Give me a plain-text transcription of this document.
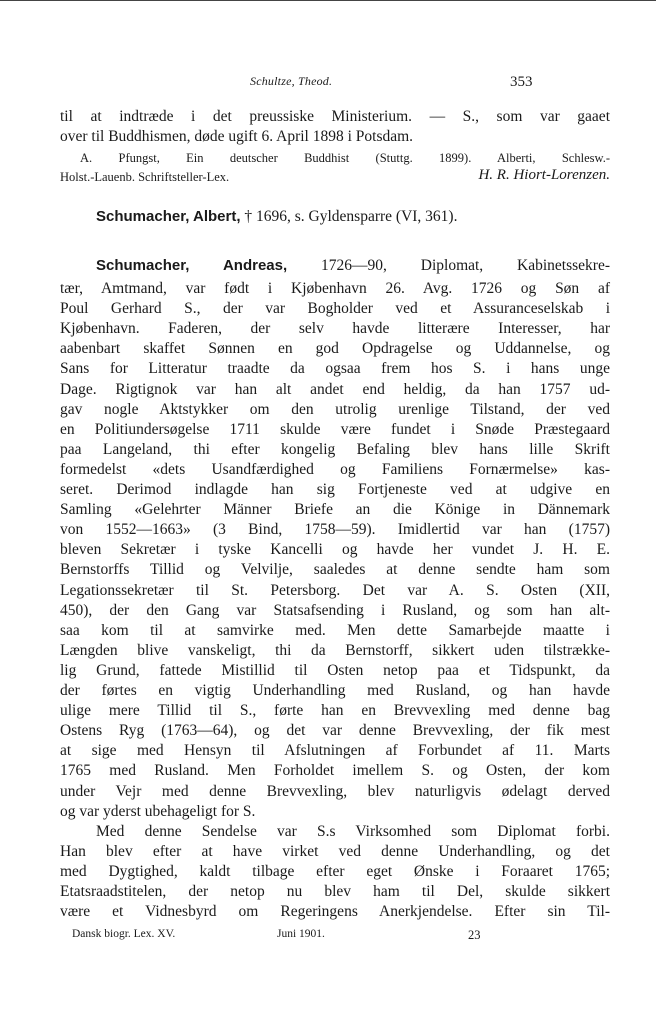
Schultze, Theod.	353
til at indtræde i det preussiske Ministerium. — S., som var gaaet
over til Buddhismen, døde ugift 6. April 1898 i Potsdam.
A. Pfungst, Ein deutscher Buddhist (Stuttg. 1899). Alberti, Schlesw.-
Holst.-Lauenb. Schriftsteller-Lex.	H. R. Hiort-Lorenzen.
Schumacher, Albert, † 1696, s. Gyldensparre (VI, 361).
Schumacher, Andreas, 1726—90, Diplomat, Kabinetssekre-
tær, Amtmand, var født i Kjøbenhavn 26. Avg. 1726 og Søn af
Poul Gerhard S., der var Bogholder ved et Assuranceselskab i
Kjøbenhavn. Faderen, der selv havde litterære Interesser, har
aabenbart skaffet Sønnen en god Opdragelse og Uddannelse, og
Sans for Litteratur traadte da ogsaa frem hos S. i hans unge
Dage. Rigtignok var han alt andet end heldig, da han 1757 ud-
gav nogle Aktstykker om den utrolig urenlige Tilstand, der ved
en Politiundersøgelse 1711 skulde være fundet i Snøde Præstegaard
paa Langeland, thi efter kongelig Befaling blev hans lille Skrift
formedelst «dets Usandfærdighed og Familiens Fornærmelse» kas-
seret. Derimod indlagde han sig Fortjeneste ved at udgive en
Samling «Gelehrter Männer Briefe an die Könige in Dännemark
von 1552—1663» (3 Bind, 1758—59). Imidlertid var han (1757)
bleven Sekretær i tyske Kancelli og havde her vundet J. H. E.
Bernstorffs Tillid og Velvilje, saaledes at denne sendte ham som
Legationssekretær til St. Petersborg. Det var A. S. Osten (XII,
450), der den Gang var Statsafsending i Rusland, og som han alt-
saa kom til at samvirke med. Men dette Samarbejde maatte i
Længden blive vanskeligt, thi da Bernstorff, sikkert uden tilstrække-
lig Grund, fattede Mistillid til Osten netop paa et Tidspunkt, da
der førtes en vigtig Underhandling med Rusland, og han havde
ulige mere Tillid til S., førte han en Brevvexling med denne bag
Ostens Ryg (1763—64), og det var denne Brevvexling, der fik mest
at sige med Hensyn til Afslutningen af Forbundet af 11. Marts
1765 med Rusland. Men Forholdet imellem S. og Osten, der kom
under Vejr med denne Brevvexling, blev naturligvis ødelagt derved
og var yderst ubehageligt for S.
Med denne Sendelse var S.s Virksomhed som Diplomat forbi.
Han blev efter at have virket ved denne Underhandling, og det
med Dygtighed, kaldt tilbage efter eget Ønske i Foraaret 1765;
Etatsraadstitelen, der netop nu blev ham til Del, skulde sikkert
være et Vidnesbyrd om Regeringens Anerkjendelse. Efter sin Til-
Dansk biogr. Lex. XV.	Juni 1901.	23
